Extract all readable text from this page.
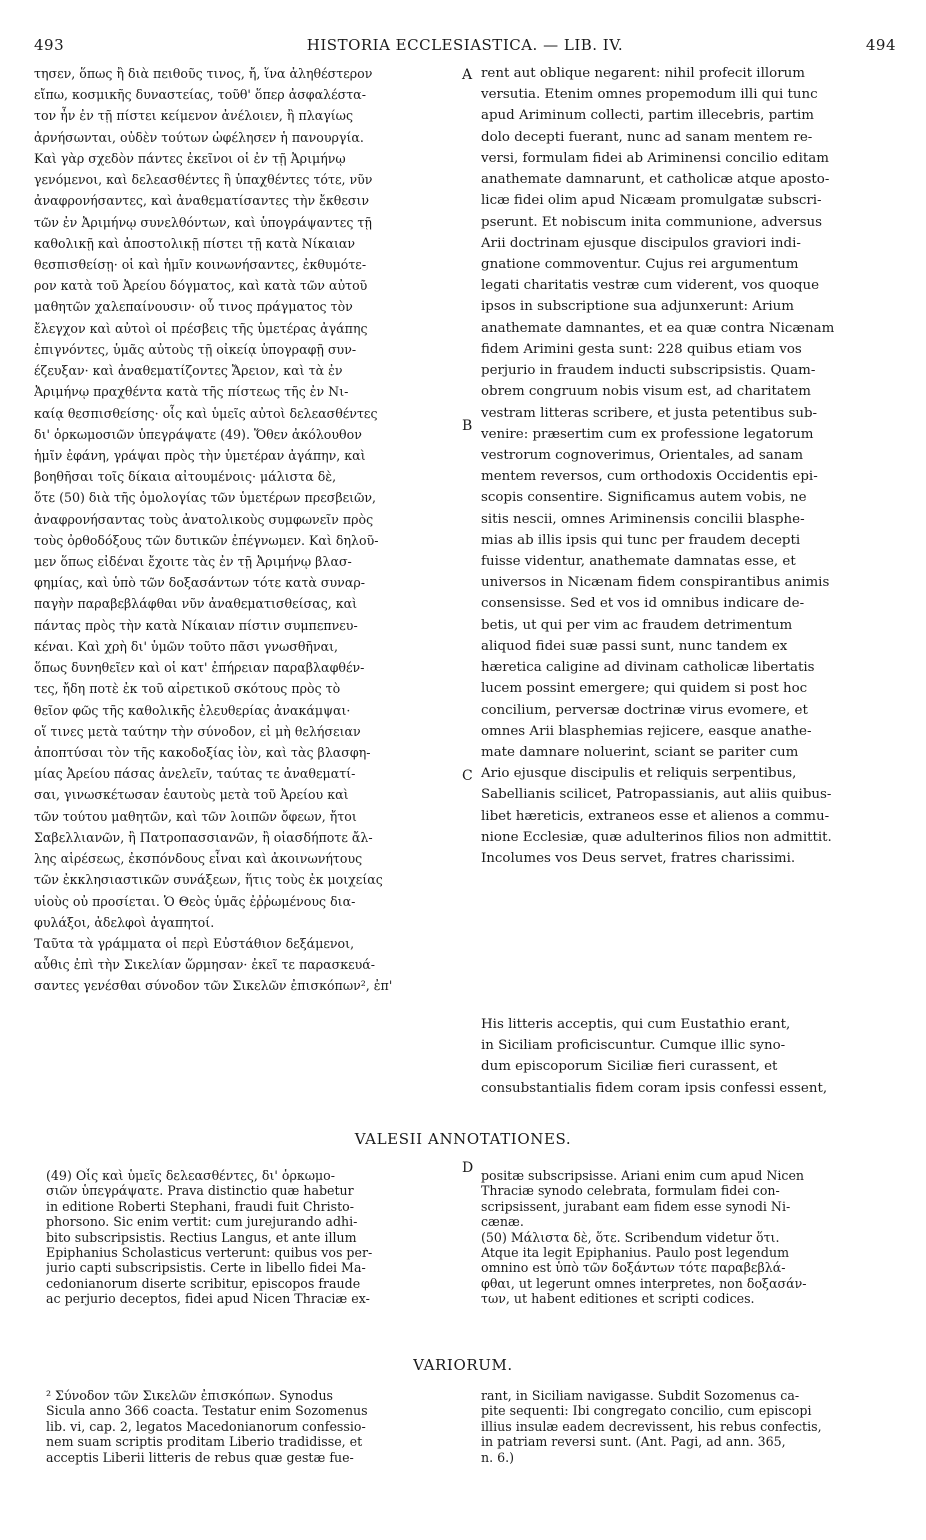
493	HISTORIA ECCLESIASTICA. — LIB. IV.	494
τησεν, ὅπως ἢ διὰ πειθοῦς τινος, ἤ, ἵνα ἀληθέστερον
εἴπω, κοσμικῆς δυναστείας, τοῦθ' ὅπερ ἀσφαλέστα-
τον ἦν ἐν τῇ πίστει κείμενον ἀνέλοιεν, ἢ πλαγίως
ἀρνήσωνται, οὐδὲν τούτων ὠφέλησεν ἡ πανουργία.
Καὶ γὰρ σχεδὸν πάντες ἐκεῖνοι οἱ ἐν τῇ Ἀριμήνῳ
γενόμενοι, καὶ δελεασθέντες ἢ ὑπαχθέντες τότε, νῦν
ἀναφρονήσαντες, καὶ ἀναθεματίσαντες τὴν ἔκθεσιν
τῶν ἐν Ἀριμήνῳ συνελθόντων, καὶ ὑπογράψαντες τῇ
καθολικῇ καὶ ἀποστολικῇ πίστει τῇ κατὰ Νίκαιαν
θεσπισθείσῃ· οἱ καὶ ἡμῖν κοινωνήσαντες, ἐκθυμότε-
ρον κατὰ τοῦ Ἀρείου δόγματος, καὶ κατὰ τῶν αὐτοῦ
μαθητῶν χαλεπαίνουσιν· οὗ τινος πράγματος τὸν
ἔλεγχον καὶ αὐτοὶ οἱ πρέσβεις τῆς ὑμετέρας ἀγάπης
ἐπιγνόντες, ὑμᾶς αὐτοὺς τῇ οἰκείᾳ ὑπογραφῇ συν-
έζευξαν· καὶ ἀναθεματίζοντες Ἄρειον, καὶ τὰ ἐν
Ἀριμήνῳ πραχθέντα κατὰ τῆς πίστεως τῆς ἐν Νι-
καίᾳ θεσπισθείσης· οἷς καὶ ὑμεῖς αὐτοὶ δελεασθέντες
δι' ὁρκωμοσιῶν ὑπεγράψατε (49). Ὅθεν ἀκόλουθον
ἡμῖν ἐφάνη, γράψαι πρὸς τὴν ὑμετέραν ἀγάπην, καὶ
βοηθῆσαι τοῖς δίκαια αἰτουμένοις· μάλιστα δὲ,
ὅτε (50) διὰ τῆς ὁμολογίας τῶν ὑμετέρων πρεσβειῶν,
ἀναφρονήσαντας τοὺς ἀνατολικοὺς συμφωνεῖν πρὸς
τοὺς ὀρθοδόξους τῶν δυτικῶν ἐπέγνωμεν. Καὶ δηλοῦ-
μεν ὅπως εἰδέναι ἔχοιτε τὰς ἐν τῇ Ἀριμήνῳ βλασ-
φημίας, καὶ ὑπὸ τῶν δοξασάντων τότε κατὰ συναρ-
παγὴν παραβεβλάφθαι νῦν ἀναθεματισθείσας, καὶ
πάντας πρὸς τὴν κατὰ Νίκαιαν πίστιν συμπεπνευ-
κέναι. Καὶ χρὴ δι' ὑμῶν τοῦτο πᾶσι γνωσθῆναι,
ὅπως δυνηθεῖεν καὶ οἱ κατ' ἐπήρειαν παραβλαφθέν-
τες, ἤδη ποτὲ ἐκ τοῦ αἱρετικοῦ σκότους πρὸς τὸ
θεῖον φῶς τῆς καθολικῆς ἐλευθερίας ἀνακάμψαι·
οἵ τινες μετὰ ταύτην τὴν σύνοδον, εἰ μὴ θελήσειαν
ἀποπτύσαι τὸν τῆς κακοδοξίας ἰὸν, καὶ τὰς βλασφη-
μίας Ἀρείου πάσας ἀνελεῖν, ταύτας τε ἀναθεματί-
σαι, γινωσκέτωσαν ἑαυτοὺς μετὰ τοῦ Ἀρείου καὶ
τῶν τούτου μαθητῶν, καὶ τῶν λοιπῶν ὄφεων, ἤτοι
Σαβελλιανῶν, ἢ Πατροπασσιανῶν, ἢ οἱασδήποτε ἄλ-
λης αἱρέσεως, ἐκσπόνδους εἶναι καὶ ἀκοινωνήτους
τῶν ἐκκλησιαστικῶν συνάξεων, ἥτις τοὺς ἐκ μοιχείας
υἱοὺς οὐ προσίεται. Ὁ Θεὸς ὑμᾶς ἐῤῥωμένους δια-
φυλάξοι, ἀδελφοὶ ἀγαπητοί.
Ταῦτα τὰ γράμματα οἱ περὶ Εὐστάθιον δεξάμενοι,
αὖθις ἐπὶ τὴν Σικελίαν ὥρμησαν· ἐκεῖ τε παρασκευά-
σαντες γενέσθαι σύνοδον τῶν Σικελῶν ἐπισκόπων², ἐπ'
rent aut oblique negarent: nihil profecit illorum
versutia. Etenim omnes propemodum illi qui tunc
apud Ariminum collecti, partim illecebris, partim
dolo decepti fuerant, nunc ad sanam mentem re-
versi, formulam fidei ab Ariminensi concilio editam
anathemate damnarunt, et catholicæ atque aposto-
licæ fidei olim apud Nicæam promulgatæ subscri-
pserunt. Et nobiscum inita communione, adversus
Arii doctrinam ejusque discipulos graviori indi-
gnatione commoventur. Cujus rei argumentum
legati charitatis vestræ cum viderent, vos quoque
ipsos in subscriptione sua adjunxerunt: Arium
anathemate damnantes, et ea quæ contra Nicænam
fidem Arimini gesta sunt: 228 quibus etiam vos
perjurio in fraudem inducti subscripsistis. Quam-
obrem congruum nobis visum est, ad charitatem
vestram litteras scribere, et justa petentibus sub-
venire: præsertim cum ex professione legatorum
vestrorum cognoverimus, Orientales, ad sanam
mentem reversos, cum orthodoxis Occidentis epi-
scopis consentire. Significamus autem vobis, ne
sitis nescii, omnes Ariminensis concilii blasphe-
mias ab illis ipsis qui tunc per fraudem decepti
fuisse videntur, anathemate damnatas esse, et
universos in Nicænam fidem conspirantibus animis
consensisse. Sed et vos id omnibus indicare de-
betis, ut qui per vim ac fraudem detrimentum
aliquod fidei suæ passi sunt, nunc tandem ex
hæretica caligine ad divinam catholicæ libertatis
lucem possint emergere; qui quidem si post hoc
concilium, perversæ doctrinæ virus evomere, et
omnes Arii blasphemias rejicere, easque anathe-
mate damnare noluerint, sciant se pariter cum
Ario ejusque discipulis et reliquis serpentibus,
Sabellianis scilicet, Patropassianis, aut aliis quibus-
libet hæreticis, extraneos esse et alienos a commu-
nione Ecclesiæ, quæ adulterinos filios non admittit.
Incolumes vos Deus servet, fratres charissimi.
His litteris acceptis, qui cum Eustathio erant,
in Siciliam proficiscuntur. Cumque illic syno-
dum episcoporum Siciliæ fieri curassent, et
consubstantialis fidem coram ipsis confessi essent,
A
B
C
D
VALESII ANNOTATIONES.
(49) Οἷς καὶ ὑμεῖς δελεασθέντες, δι' ὁρκωμο-
σιῶν ὑπεγράψατε. Prava distinctio quæ habetur
in editione Roberti Stephani, fraudi fuit Christo-
phorsono. Sic enim vertit: cum jurejurando adhi-
bito subscripsistis. Rectius Langus, et ante illum
Epiphanius Scholasticus verterunt: quibus vos per-
jurio capti subscripsistis. Certe in libello fidei Ma-
cedonianorum diserte scribitur, episcopos fraude
ac perjurio deceptos, fidei apud Nicen Thraciæ ex-
positæ subscripsisse. Ariani enim cum apud Nicen
Thraciæ synodo celebrata, formulam fidei con-
scripsissent, jurabant eam fidem esse synodi Ni-
cænæ.
(50) Μάλιστα δὲ, ὅτε. Scribendum videtur ὅτι.
Atque ita legit Epiphanius. Paulo post legendum
omnino est ὑπὸ τῶν δοξάντων τότε παραβεβλά-
φθαι, ut legerunt omnes interpretes, non δοξασάν-
των, ut habent editiones et scripti codices.
VARIORUM.
² Σύνοδον τῶν Σικελῶν ἐπισκόπων. Synodus
Sicula anno 366 coacta. Testatur enim Sozomenus
lib. vi, cap. 2, legatos Macedonianorum confessio-
nem suam scriptis proditam Liberio tradidisse, et
acceptis Liberii litteris de rebus quæ gestæ fue-
rant, in Siciliam navigasse. Subdit Sozomenus ca-
pite sequenti: Ibi congregato concilio, cum episcopi
illius insulæ eadem decrevissent, his rebus confectis,
in patriam reversi sunt. (Ant. Pagi, ad ann. 365,
n. 6.)
